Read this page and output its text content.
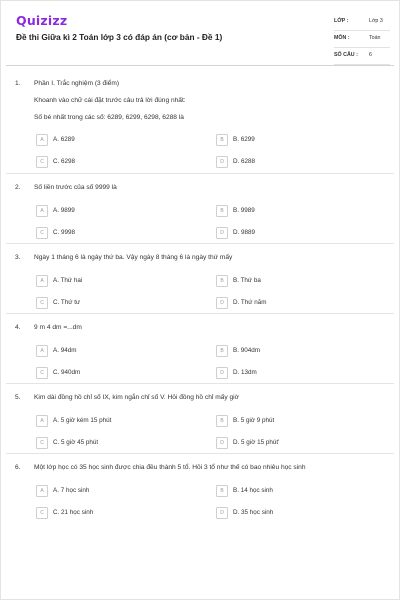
Quizizz
Đề thi Giữa kì 2 Toán lớp 3 có đáp án (cơ bản - Đề 1)
LỚP :	Lớp 3
MÔN :	Toán
SỐ CÂU : 6
1. Phần I. Trắc nghiệm (3 điểm)
Khoanh vào chữ cái đặt trước câu trả lời đúng nhất:
Số bé nhất trong các số: 6289, 6299, 6298, 6288 là
A	A. 6289	B	B. 6299
C	C. 6298	D	D. 6288
2. Số liền trước của số 9999 là
A	A. 9899	B	B. 9989
C	C. 9998	D	D. 9889
3. Ngày 1 tháng 6 là ngày thứ ba. Vậy ngày 8 tháng 6 là ngày thứ mấy
A	A. Thứ hai	B	B. Thứ ba
C	C. Thứ tư	D	D. Thứ năm
4. 9 m 4 dm =...dm
A	A. 94dm	B	B. 904dm
C	C. 940dm	D	D. 13dm
5. Kim dài đồng hồ chỉ số IX, kim ngắn chỉ số V. Hỏi đồng hồ chỉ mấy giờ
A	A. 5 giờ kém 15 phút	B	B. 5 giờ 9 phút
C	C. 5 giờ 45 phút	D	D. 5 giờ 15 phút'
6. Một lớp học có 35 học sinh được chia đều thành 5 tổ. Hỏi 3 tổ như thế có bao nhiêu học sinh
A	A. 7 học sinh	B	B. 14 học sinh
C	C. 21 học sinh	D	D. 35 học sinh
